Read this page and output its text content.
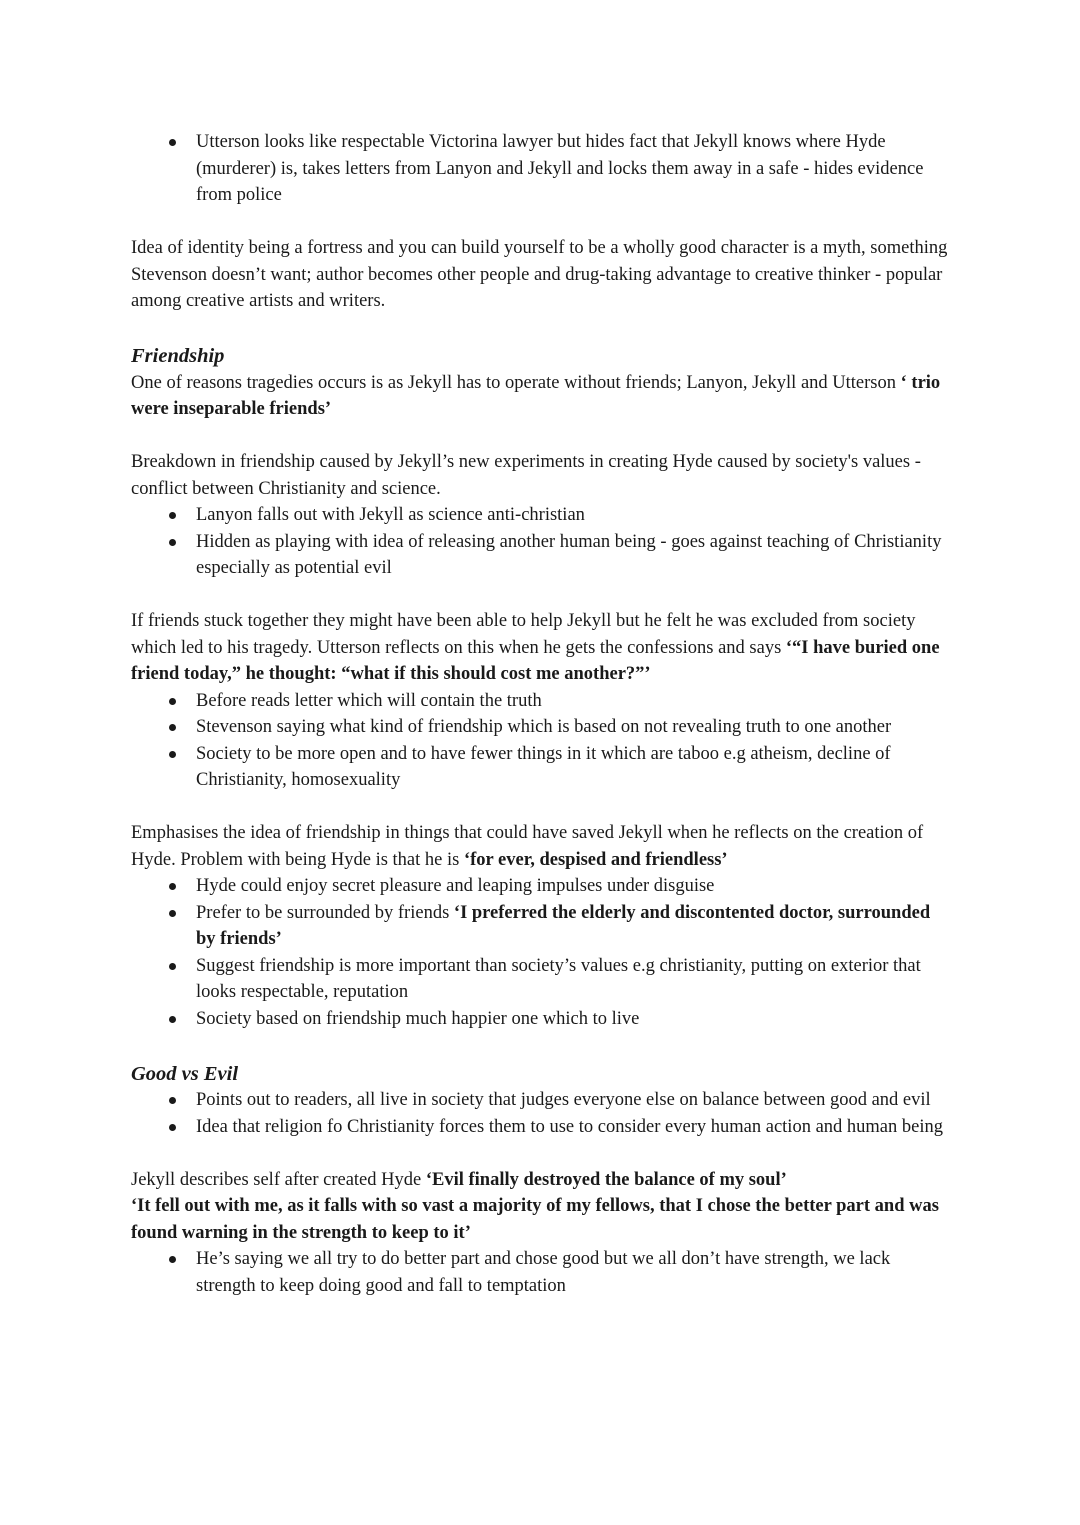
Utterson looks like respectable Victorina lawyer but hides fact that Jekyll knows where Hyde (murderer) is, takes letters from Lanyon and Jekyll and locks them away in a safe - hides evidence from police

Idea of identity being a fortress and you can build yourself to be a wholly good character is a myth, something Stevenson doesn’t want; author becomes other people and drug-taking advantage to creative thinker - popular among creative artists and writers.

Friendship

One of reasons tragedies occurs is as Jekyll has to operate without friends; Lanyon, Jekyll and Utterson ‘ trio were inseparable friends’

Breakdown in friendship caused by Jekyll’s new experiments in creating Hyde caused by society's values - conflict between Christianity and science.

Lanyon falls out with Jekyll as science anti-christian
Hidden as playing with idea of releasing another human being - goes against teaching of Christianity especially as potential evil

If friends stuck together they might have been able to help Jekyll but he felt he was excluded from society which led to his tragedy. Utterson reflects on this when he gets the confessions and says ‘“I have buried one friend today,” he thought: “what if this should cost me another?”’

Before reads letter which will contain the truth
Stevenson saying what kind of friendship which is based on not revealing truth to one another
Society to be more open and to have fewer things in it which are taboo e.g atheism, decline of Christianity, homosexuality

Emphasises the idea of friendship in things that could have saved Jekyll when he reflects on the creation of Hyde. Problem with being Hyde is that he is ‘for ever, despised and friendless’

Hyde could enjoy secret pleasure and leaping impulses under disguise
Prefer to be surrounded by friends ‘I preferred the elderly and discontented doctor, surrounded by friends’
Suggest friendship is more important than society’s values e.g christianity, putting on exterior that looks respectable, reputation
Society based on friendship much happier one which to live
Good vs Evil
Points out to readers, all live in society that judges everyone else on balance between good and evil
Idea that religion fo Christianity forces them to use to consider every human action and human being

Jekyll describes self after created Hyde ‘Evil finally destroyed the balance of my soul’
‘It fell out with me, as it falls with so vast a majority of my fellows, that I chose the better part and was found warning in the strength to keep to it’

He’s saying we all try to do better part and chose good but we all don’t have strength, we lack strength to keep doing good and fall to temptation
